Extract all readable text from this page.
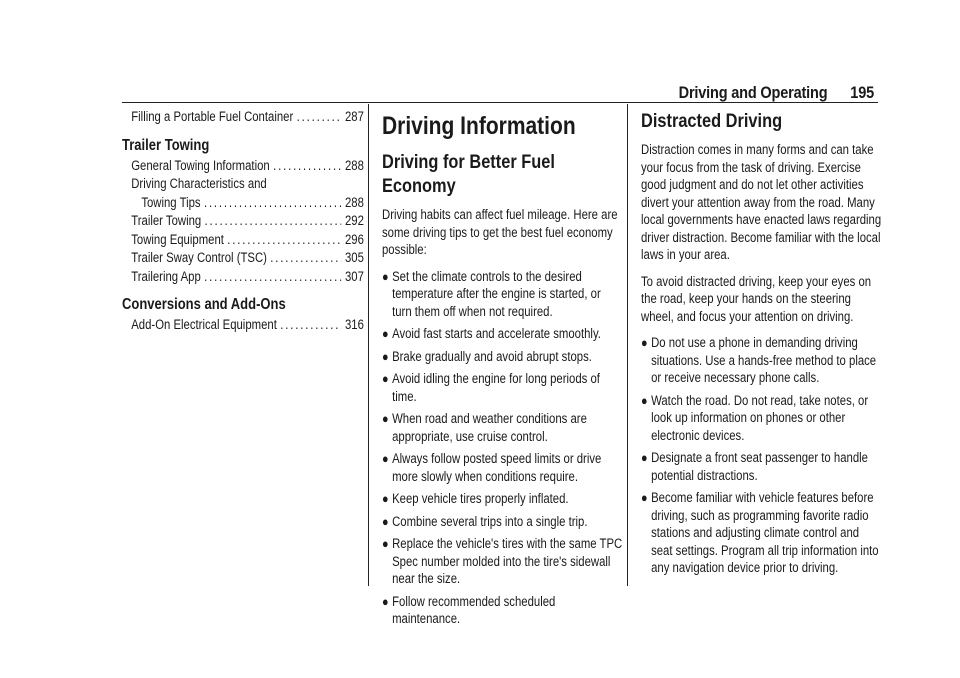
Driving and Operating 195
Filling a Portable Fuel Container .....	287
Trailer Towing
General Towing Information .....	288
Driving Characteristics and
Towing Tips .....	288
Trailer Towing .....	292
Towing Equipment .....	296
Trailer Sway Control (TSC) .....	305
Trailering App .....	307
Conversions and Add-Ons
Add-On Electrical Equipment .....	316
Driving Information
Driving for Better Fuel Economy

Driving habits can affect fuel mileage. Here are some driving tips to get the best fuel economy possible:

● Set the climate controls to the desired temperature after the engine is started, or turn them off when not required.
● Avoid fast starts and accelerate smoothly.
● Brake gradually and avoid abrupt stops.
● Avoid idling the engine for long periods of time.
● When road and weather conditions are appropriate, use cruise control.
● Always follow posted speed limits or drive more slowly when conditions require.
● Keep vehicle tires properly inflated.
● Combine several trips into a single trip.
● Replace the vehicle's tires with the same TPC Spec number molded into the tire's sidewall near the size.
● Follow recommended scheduled maintenance.
Distracted Driving

Distraction comes in many forms and can take your focus from the task of driving. Exercise good judgment and do not let other activities divert your attention away from the road. Many local governments have enacted laws regarding driver distraction. Become familiar with the local laws in your area.

To avoid distracted driving, keep your eyes on the road, keep your hands on the steering wheel, and focus your attention on driving.

● Do not use a phone in demanding driving situations. Use a hands-free method to place or receive necessary phone calls.
● Watch the road. Do not read, take notes, or look up information on phones or other electronic devices.
● Designate a front seat passenger to handle potential distractions.
● Become familiar with vehicle features before driving, such as programming favorite radio stations and adjusting climate control and seat settings. Program all trip information into any navigation device prior to driving.
